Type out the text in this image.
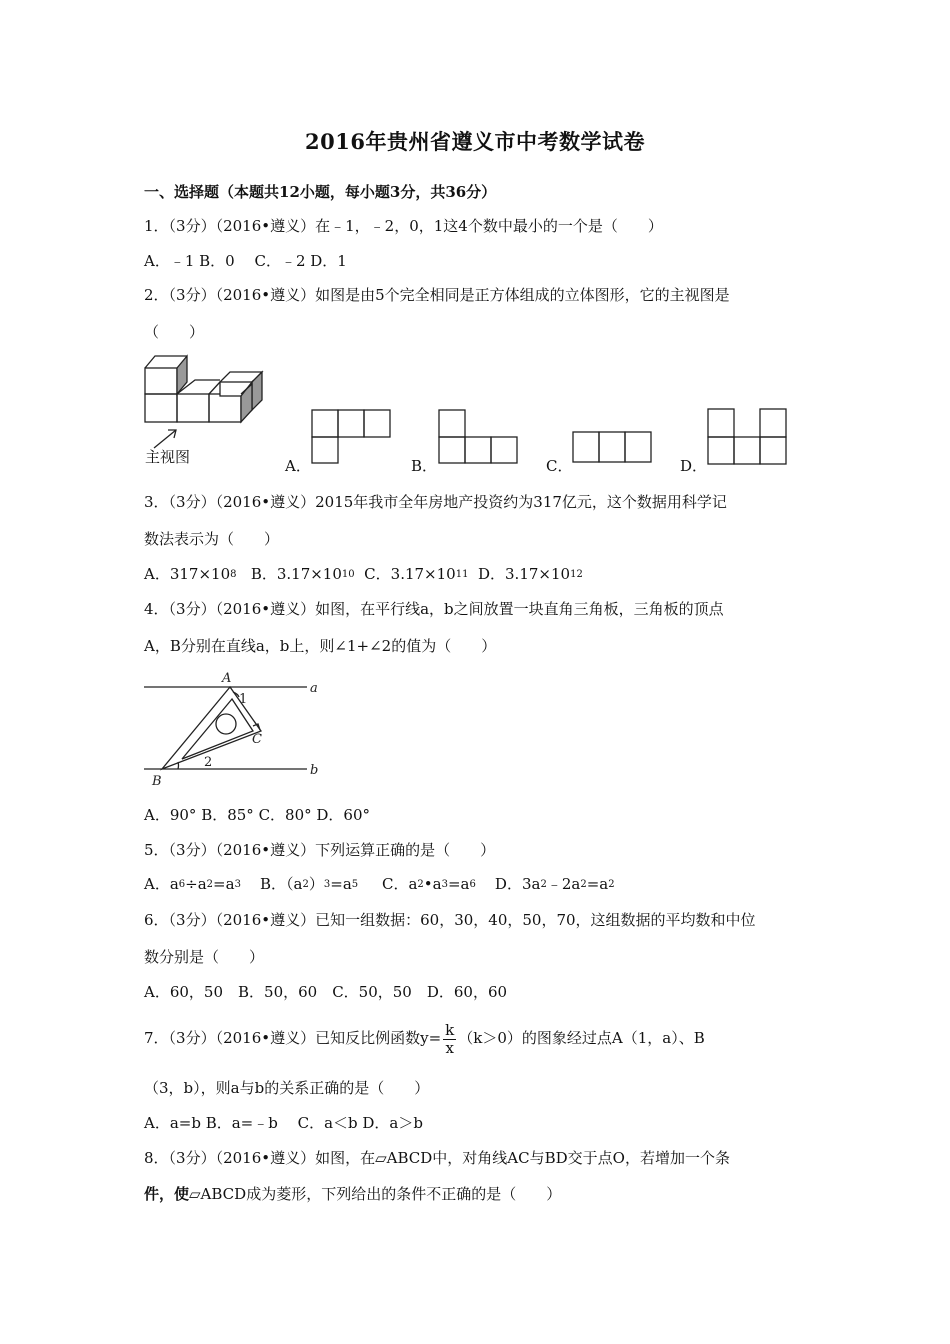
2016年贵州省遵义市中考数学试卷
一、选择题（本题共12小题，每小题3分，共36分）
1．（3分）（2016•遵义）在﹣1，﹣2，0，1这4个数中最小的一个是（　　）
A．﹣1 B．0　 C．﹣2 D．1
2．（3分）（2016•遵义）如图是由5个完全相同是正方体组成的立体图形，它的主视图是
（　　）
主视图	A．	B．	C．	D．
3．（3分）（2016•遵义）2015年我市全年房地产投资约为317亿元，这个数据用科学记
数法表示为（　　）
A．$317\times 10^8$ B．$3.17\times 10^{10}$ C．$3.17\times 10^{11}$ D．$3.17\times 10^{12}$
4．（3分）（2016•遵义）如图，在平行线a，b之间放置一块直角三角板，三角板的顶点
A，B分别在直线a，b上，则∠1+∠2的值为（　　）
A
1
C
B
2
a
b
A．90° B．85° C．80° D．60°
5．（3分）（2016•遵义）下列运算正确的是（　　）
A．$a^6\div a^2=a^3$ B．$(a^2)^3=a^5$ C．$a^2•a^3=a^6$ D．$3a^2﹣2a^2=a^2$
6．（3分）（2016•遵义）已知一组数据：60，30，40，50，70，这组数据的平均数和中位
数分别是（　　）
A．60，50　B．50，60　C．50，50　D．60，60
7．（3分）（2016•遵义）已知反比例函数$y= \frac{k}{x} (k>0)$的图象经过点A（1，a）、B
（3，b），则a与b的关系正确的是（　　）
A．a=b B．a=﹣b　 C．a＜b D．a＞b
8．（3分）（2016•遵义）如图，在▱ABCD中，对角线AC与BD交于点O，若增加一个条
件，使▱ABCD成为菱形，下列给出的条件不正确的是（　　）
